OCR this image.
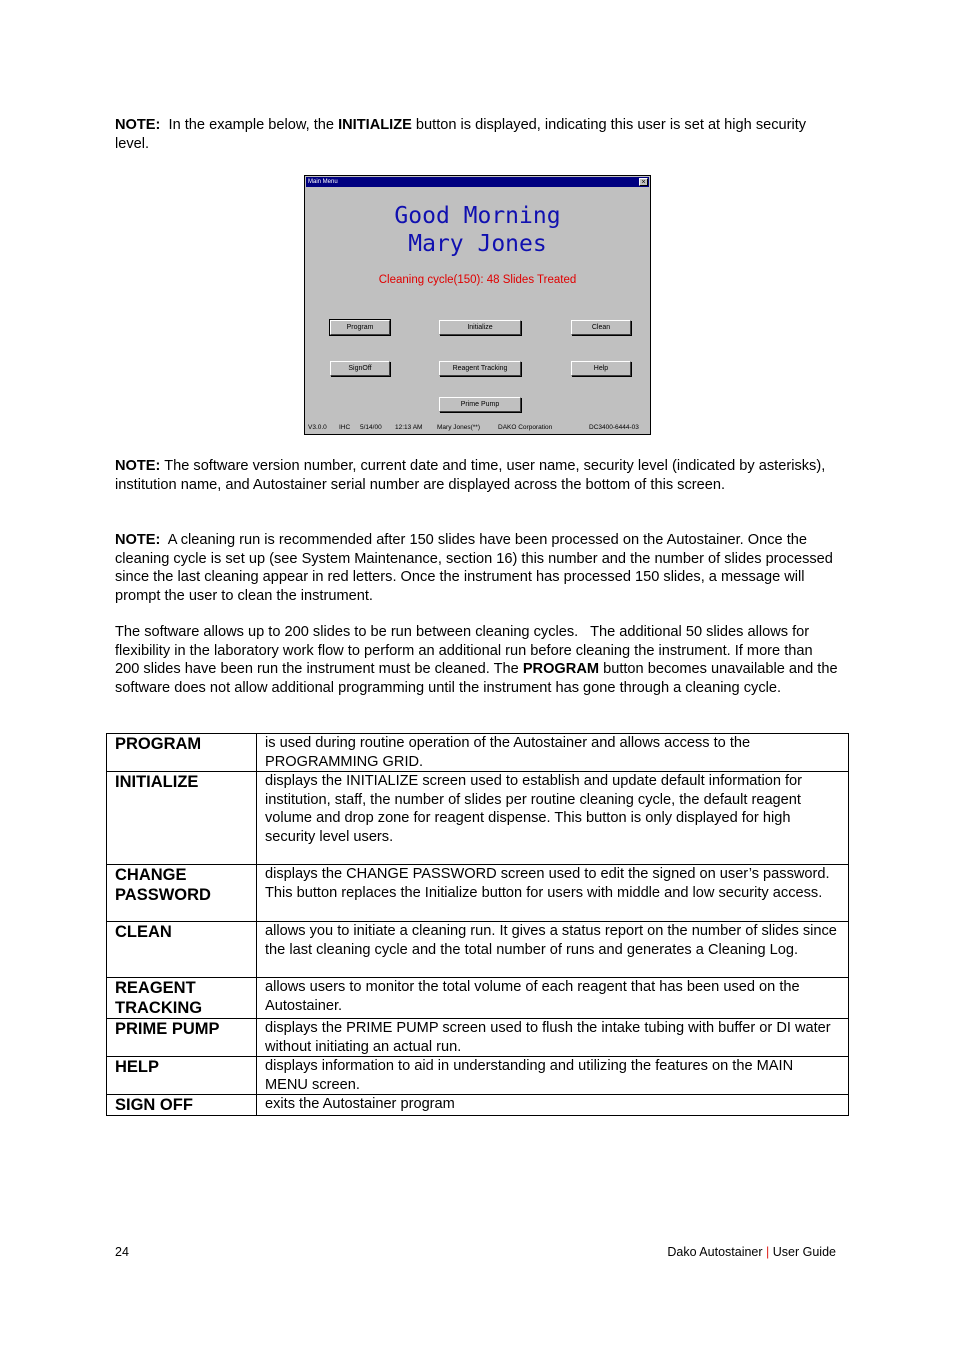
NOTE:  In the example below, the INITIALIZE button is displayed, indicating this user is set at high security level.

Main Menu	×
Good Morning
Mary Jones
Cleaning cycle(150): 48 Slides Treated
Program	Initialize	Clean
SignOff	Reagent Tracking	Help
Prime Pump
V3.0.0 IHC 5/14/00 12:13 AM Mary Jones(**)	DAKO Corporation	DC3400-6444-03

NOTE: The software version number, current date and time, user name, security level (indicated by asterisks), institution name, and Autostainer serial number are displayed across the bottom of this screen.

NOTE:  A cleaning run is recommended after 150 slides have been processed on the Autostainer. Once the cleaning cycle is set up (see System Maintenance, section 16) this number and the number of slides processed since the last cleaning appear in red letters. Once the instrument has processed 150 slides, a message will prompt the user to clean the instrument.

The software allows up to 200 slides to be run between cleaning cycles.   The additional 50 slides allows for flexibility in the laboratory work flow to perform an additional run before cleaning the instrument. If more than 200 slides have been run the instrument must be cleaned. The PROGRAM button becomes unavailable and the software does not allow additional programming until the instrument has gone through a cleaning cycle.

PROGRAM	is used during routine operation of the Autostainer and allows access to the PROGRAMMING GRID.
INITIALIZE	displays the INITIALIZE screen used to establish and update default information for institution, staff, the number of slides per routine cleaning cycle, the default reagent volume and drop zone for reagent dispense. This button is only displayed for high security level users.
CHANGE PASSWORD	displays the CHANGE PASSWORD screen used to edit the signed on user’s password. This button replaces the Initialize button for users with middle and low security access.
CLEAN	allows you to initiate a cleaning run. It gives a status report on the number of slides since the last cleaning cycle and the total number of runs and generates a Cleaning Log.
REAGENT TRACKING	allows users to monitor the total volume of each reagent that has been used on the Autostainer.
PRIME PUMP	displays the PRIME PUMP screen used to flush the intake tubing with buffer or DI water without initiating an actual run.
HELP	displays information to aid in understanding and utilizing the features on the MAIN MENU screen.
SIGN OFF	exits the Autostainer program
24	Dako Autostainer | User Guide
